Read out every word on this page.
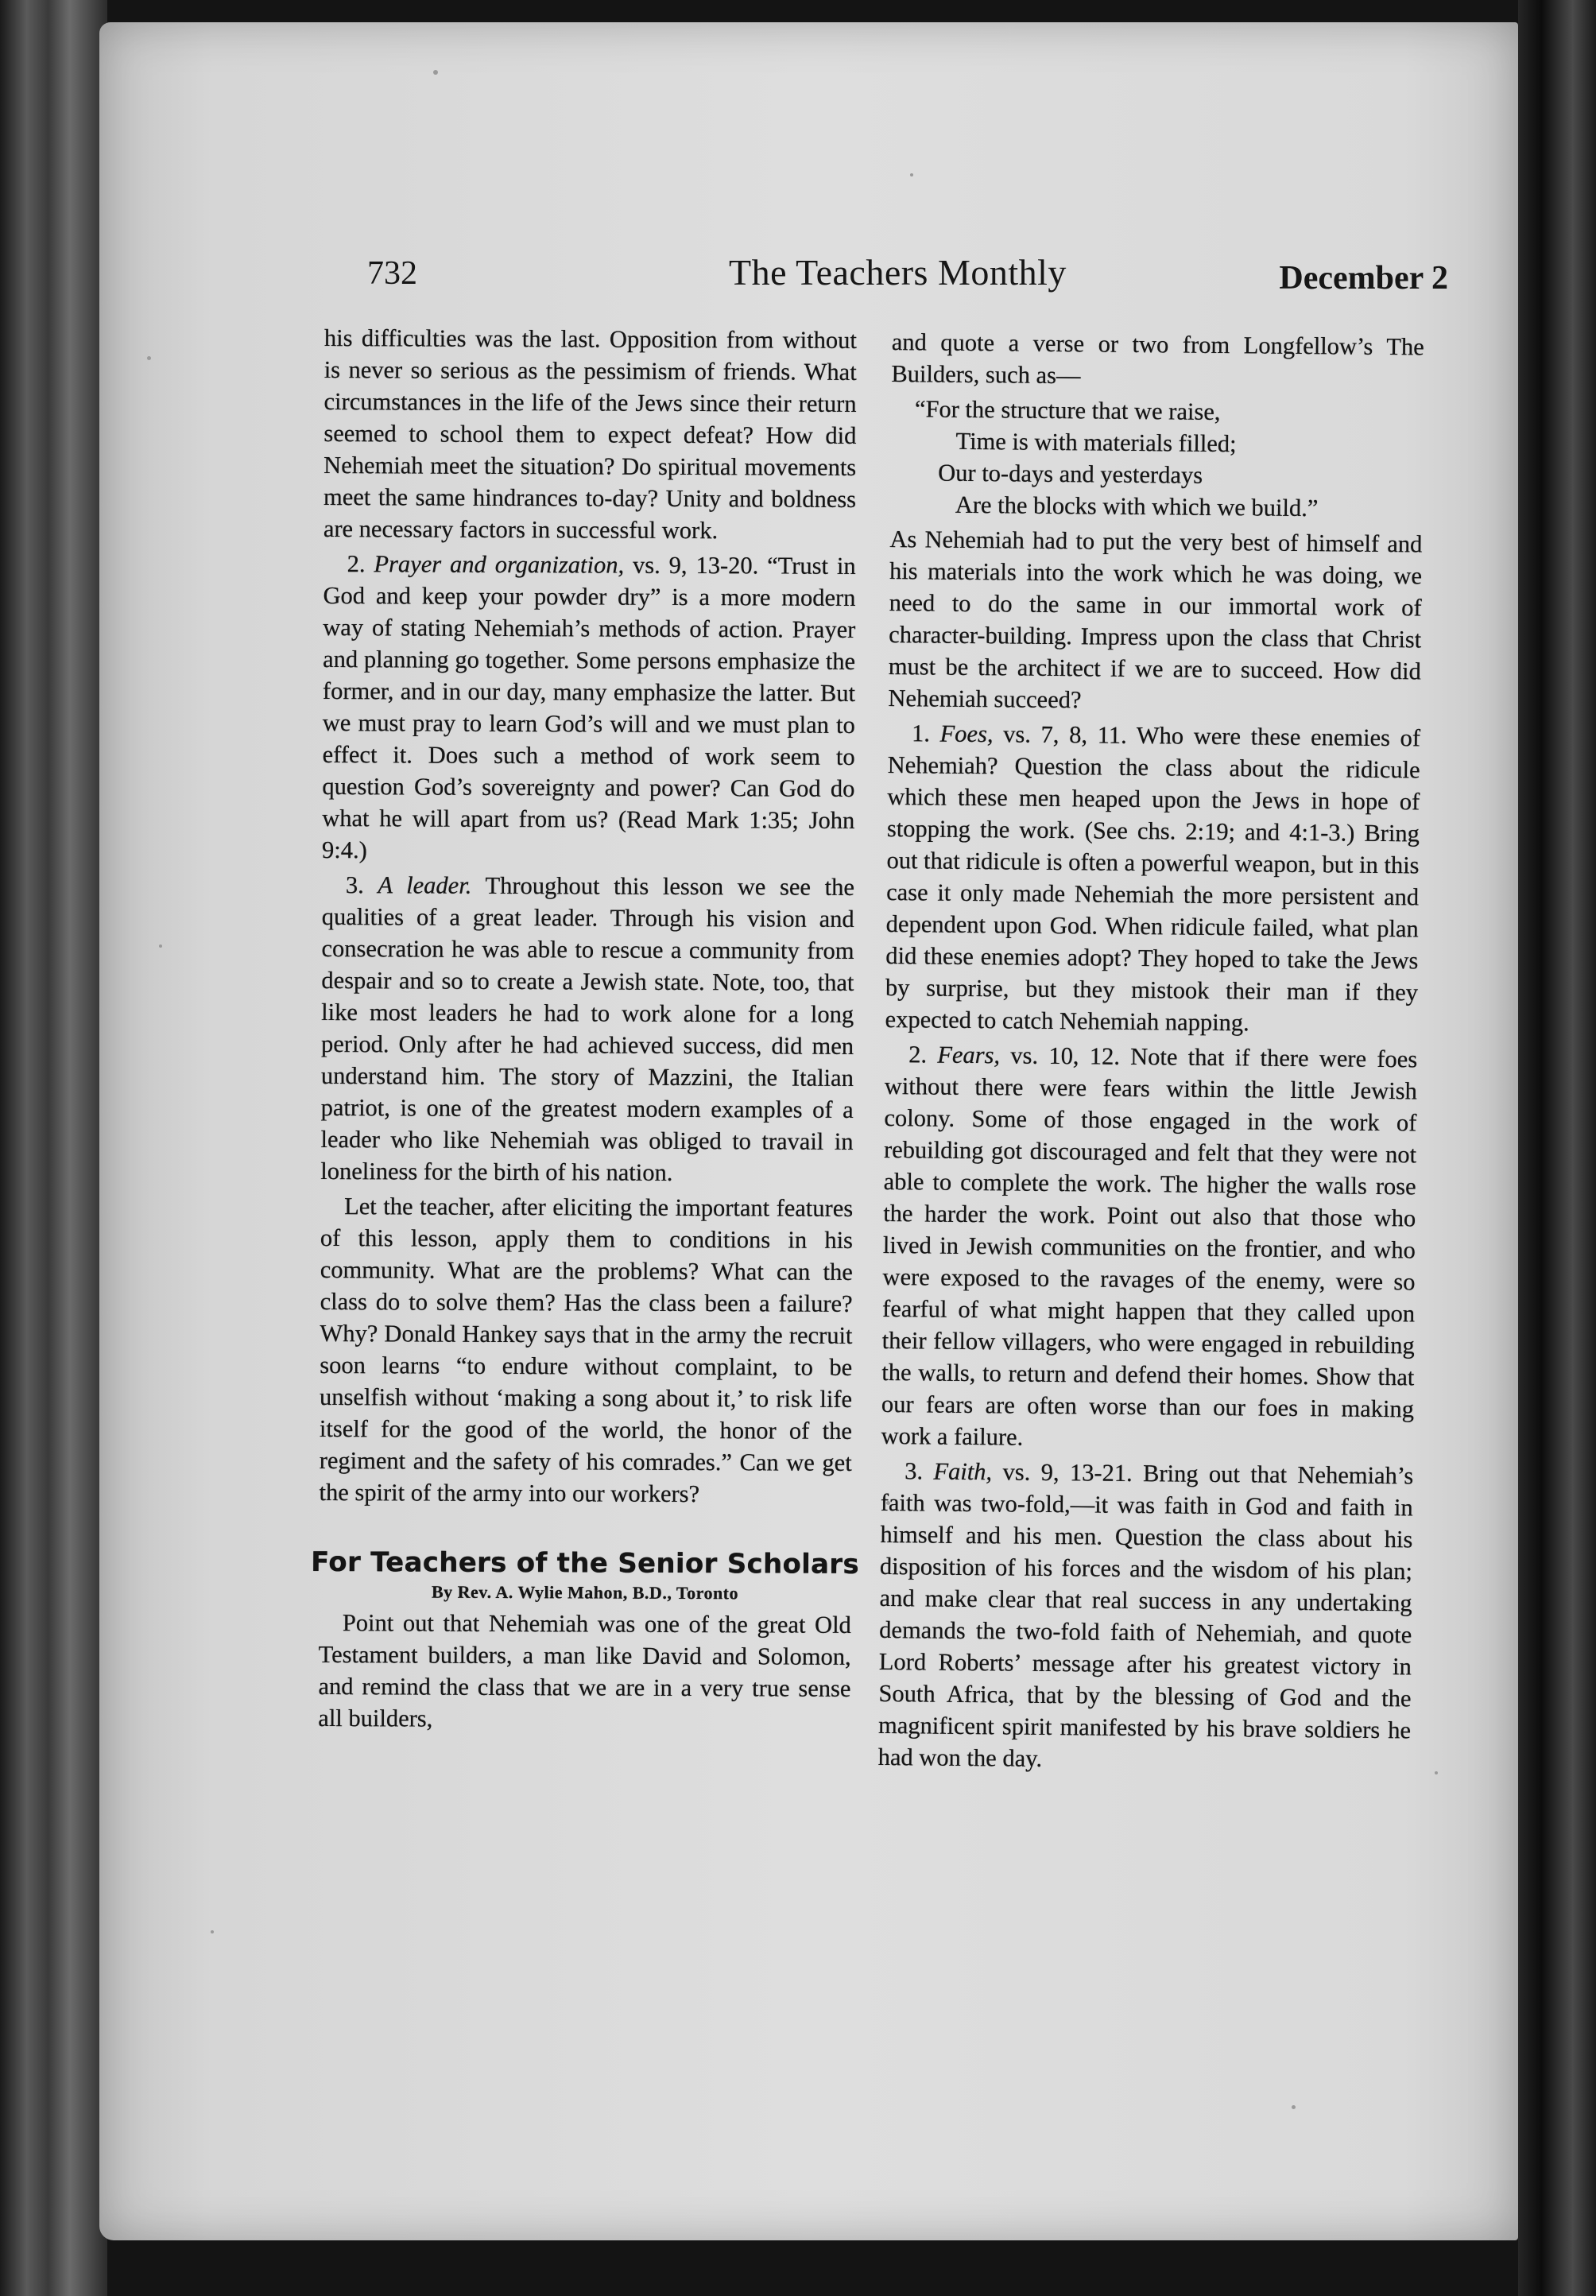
732	The Teachers Monthly	December 2

his difficulties was the last. Opposition from without is never so serious as the pessimism of friends. What circumstances in the life of the Jews since their return seemed to school them to expect defeat? How did Nehemiah meet the situation? Do spiritual movements meet the same hindrances to-day? Unity and boldness are necessary factors in successful work.

2. Prayer and organization, vs. 9, 13-20. “Trust in God and keep your powder dry” is a more modern way of stating Nehemiah’s methods of action. Prayer and planning go together. Some persons emphasize the former, and in our day, many emphasize the latter. But we must pray to learn God’s will and we must plan to effect it. Does such a method of work seem to question God’s sovereignty and power? Can God do what he will apart from us? (Read Mark 1:35; John 9:4.)

3. A leader. Throughout this lesson we see the qualities of a great leader. Through his vision and consecration he was able to rescue a community from despair and so to create a Jewish state. Note, too, that like most leaders he had to work alone for a long period. Only after he had achieved success, did men understand him. The story of Mazzini, the Italian patriot, is one of the greatest modern examples of a leader who like Nehemiah was obliged to travail in loneliness for the birth of his nation.

Let the teacher, after eliciting the important features of this lesson, apply them to conditions in his community. What are the problems? What can the class do to solve them? Has the class been a failure? Why? Donald Hankey says that in the army the recruit soon learns “to endure without complaint, to be unselfish without ‘making a song about it,’ to risk life itself for the good of the world, the honor of the regiment and the safety of his comrades.” Can we get the spirit of the army into our workers?

For Teachers of the Senior Scholars
By Rev. A. Wylie Mahon, B.D., Toronto

Point out that Nehemiah was one of the great Old Testament builders, a man like David and Solomon, and remind the class that we are in a very true sense all builders,

and quote a verse or two from Longfellow’s The Builders, such as—

“For the structure that we raise,
Time is with materials filled;
Our to-days and yesterdays
Are the blocks with which we build.”

As Nehemiah had to put the very best of himself and his materials into the work which he was doing, we need to do the same in our immortal work of character-building. Impress upon the class that Christ must be the architect if we are to succeed. How did Nehemiah succeed?

1. Foes, vs. 7, 8, 11. Who were these enemies of Nehemiah? Question the class about the ridicule which these men heaped upon the Jews in hope of stopping the work. (See chs. 2:19; and 4:1-3.) Bring out that ridicule is often a powerful weapon, but in this case it only made Nehemiah the more persistent and dependent upon God. When ridicule failed, what plan did these enemies adopt? They hoped to take the Jews by surprise, but they mistook their man if they expected to catch Nehemiah napping.

2. Fears, vs. 10, 12. Note that if there were foes without there were fears within the little Jewish colony. Some of those engaged in the work of rebuilding got discouraged and felt that they were not able to complete the work. The higher the walls rose the harder the work. Point out also that those who lived in Jewish communities on the frontier, and who were exposed to the ravages of the enemy, were so fearful of what might happen that they called upon their fellow villagers, who were engaged in rebuilding the walls, to return and defend their homes. Show that our fears are often worse than our foes in making work a failure.

3. Faith, vs. 9, 13-21. Bring out that Nehemiah’s faith was two-fold,—it was faith in God and faith in himself and his men. Question the class about his disposition of his forces and the wisdom of his plan; and make clear that real success in any undertaking demands the two-fold faith of Nehemiah, and quote Lord Roberts’ message after his greatest victory in South Africa, that by the blessing of God and the magnificent spirit manifested by his brave soldiers he had won the day.
